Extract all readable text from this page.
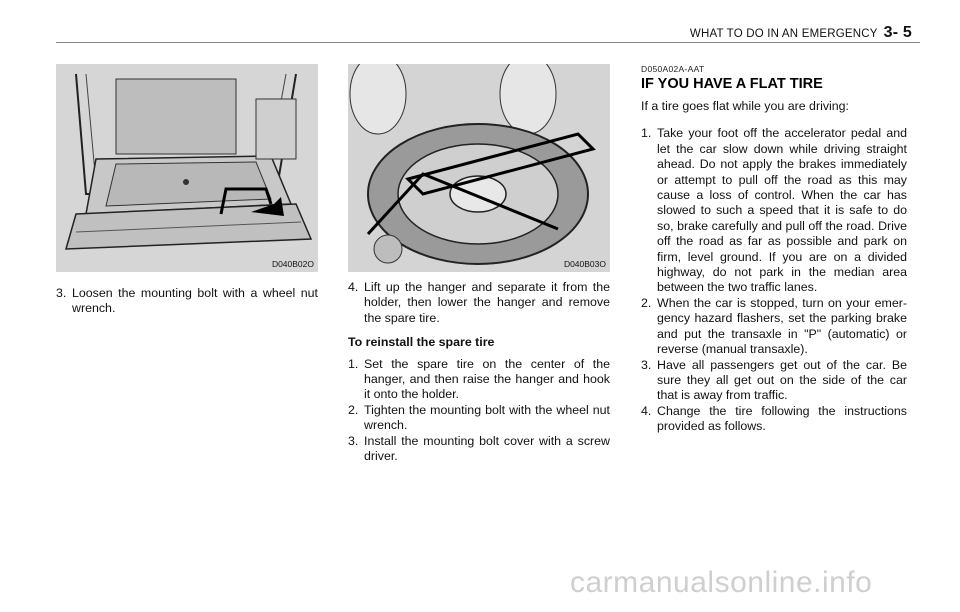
WHAT TO DO IN AN EMERGENCY 3- 5
D040B02O	D040B03O
3. Loosen the mounting bolt with a wheel nut wrench.
4. Lift up the hanger and separate it from the holder, then lower the hanger and remove the spare tire.
To reinstall the spare tire
1. Set the spare tire on the center of the hanger, and then raise the hanger and hook it onto the holder.
2. Tighten the mounting bolt with the wheel nut wrench.
3. Install the mounting bolt cover with a screw driver.
D050A02A-AAT
IF YOU HAVE A FLAT TIRE
If a tire goes flat while you are driving:
1. Take your foot off the accelerator pedal and let the car slow down while driving straight ahead. Do not apply the brakes immediately or attempt to pull off the road as this may cause a loss of control. When the car has slowed to such a speed that it is safe to do so, brake carefully and pull off the road. Drive off the road as far as possible and park on firm, level ground. If you are on a divided highway, do not park in the median area between the two traffic lanes.
2. When the car is stopped, turn on your emer-gency hazard flashers, set the parking brake and put the transaxle in "P" (automatic) or reverse (manual transaxle).
3. Have all passengers get out of the car. Be sure they all get out on the side of the car that is away from traffic.
4. Change the tire following the instructions provided as follows.
carmanualsonline.info
